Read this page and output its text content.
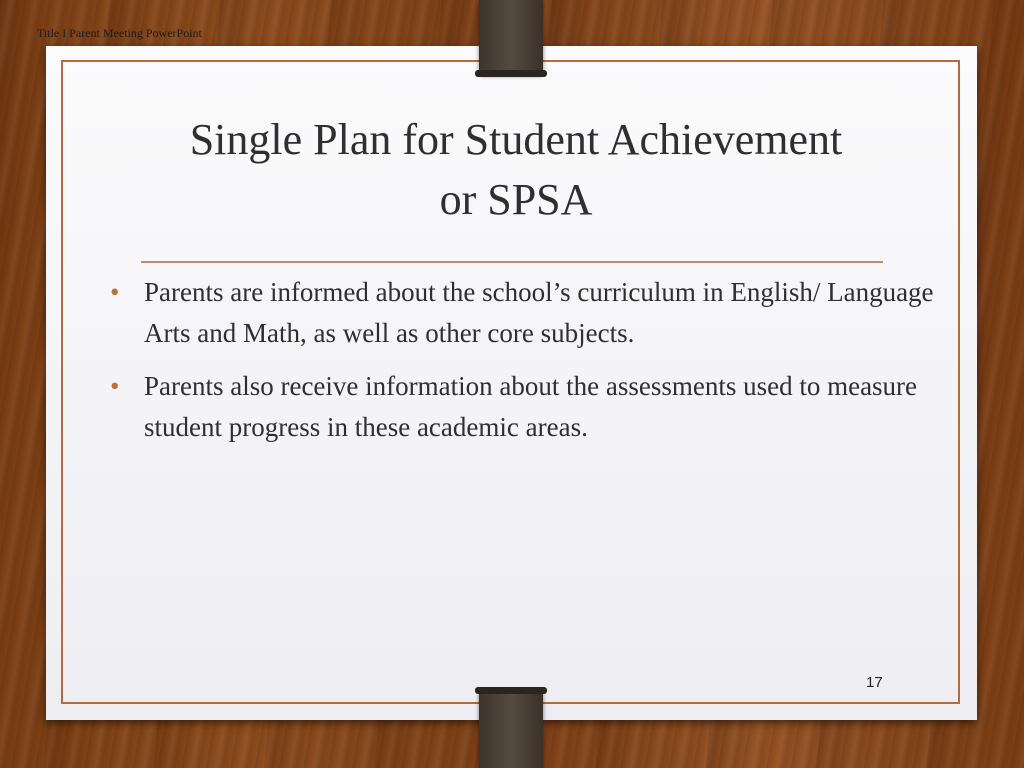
Title I Parent Meeting PowerPoint
Single Plan for Student Achievement
or SPSA
• Parents are informed about the school’s curriculum in English/ Language Arts and Math, as well as other core subjects.
• Parents also receive information about the assessments used to measure student progress in these academic areas.
17
